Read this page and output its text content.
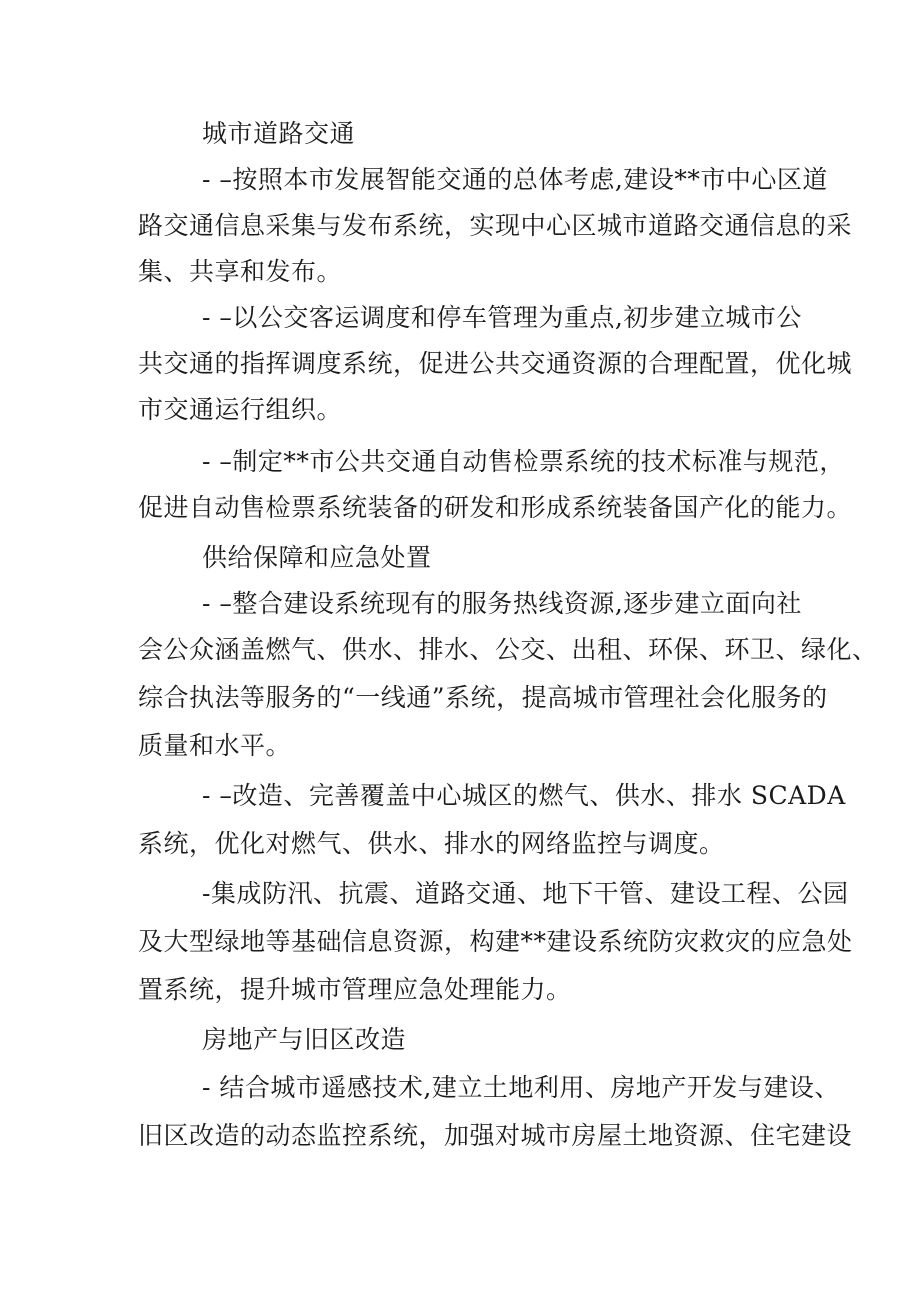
城市道路交通
- –按照本市发展智能交通的总体考虑,建设**市中心区道
路交通信息采集与发布系统，实现中心区城市道路交通信息的采
集、共享和发布。
- –以公交客运调度和停车管理为重点,初步建立城市公
共交通的指挥调度系统，促进公共交通资源的合理配置，优化城
市交通运行组织。
- –制定**市公共交通自动售检票系统的技术标准与规范，
促进自动售检票系统装备的研发和形成系统装备国产化的能力。
供给保障和应急处置
- –整合建设系统现有的服务热线资源,逐步建立面向社
会公众涵盖燃气、供水、排水、公交、出租、环保、环卫、绿化、
综合执法等服务的“一线通”系统，提高城市管理社会化服务的
质量和水平。
- –改造、完善覆盖中心城区的燃气、供水、排水 SCADA
系统，优化对燃气、供水、排水的网络监控与调度。
-集成防汛、抗震、道路交通、地下干管、建设工程、公园
及大型绿地等基础信息资源，构建**建设系统防灾救灾的应急处
置系统，提升城市管理应急处理能力。
房地产与旧区改造
- 结合城市遥感技术,建立土地利用、房地产开发与建设、
旧区改造的动态监控系统，加强对城市房屋土地资源、住宅建设
